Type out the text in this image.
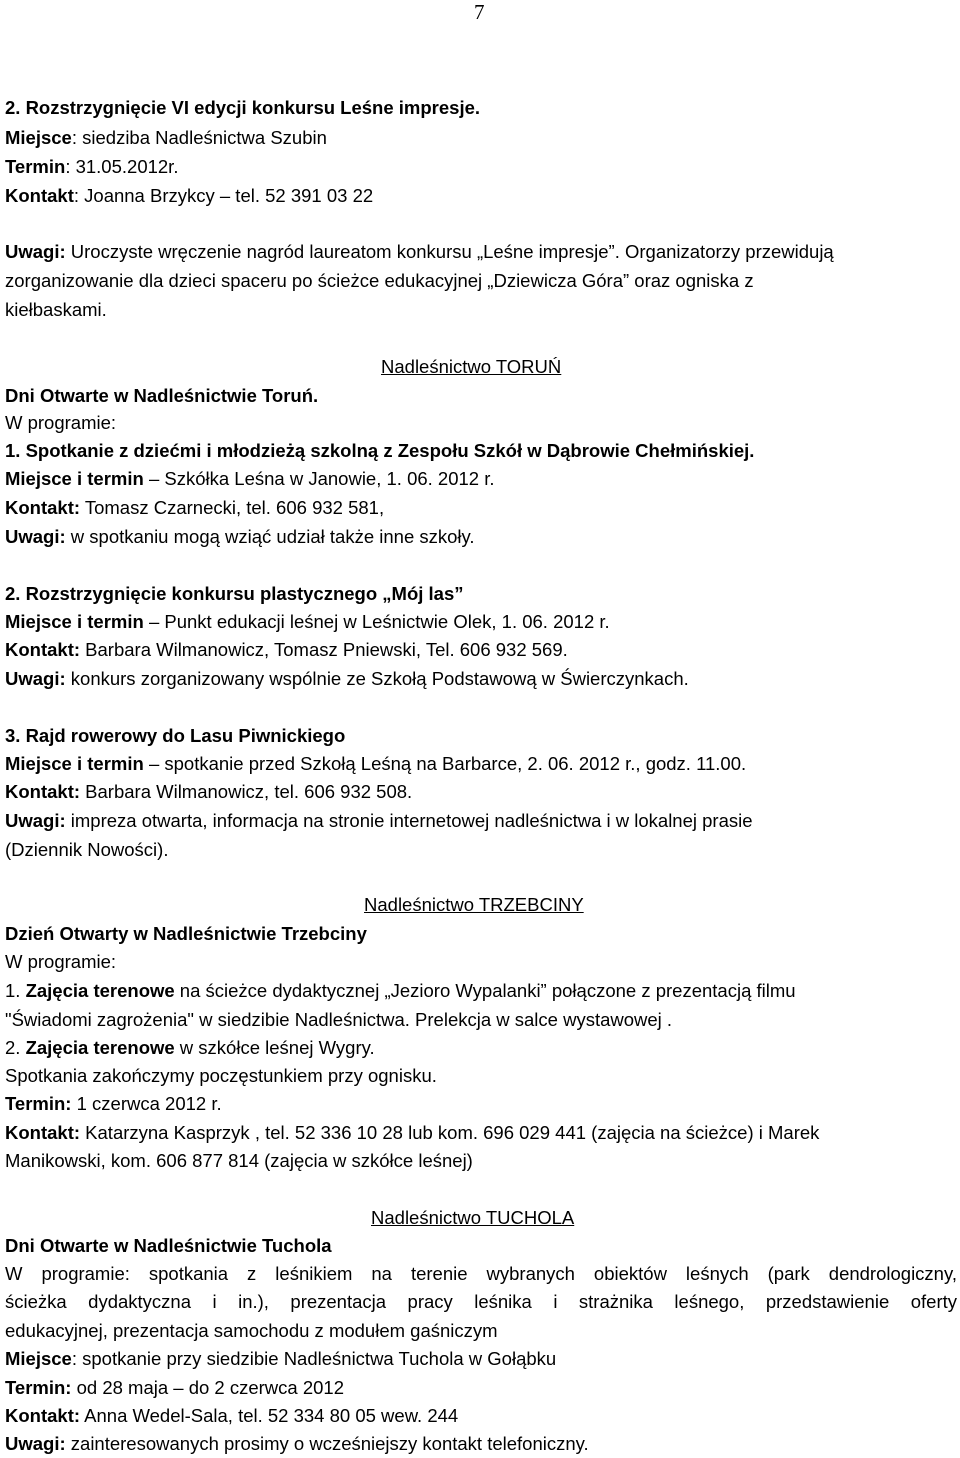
7
2. Rozstrzygnięcie VI edycji konkursu Leśne impresje.
Miejsce: siedziba Nadleśnictwa Szubin
Termin: 31.05.2012r.
Kontakt: Joanna Brzykcy – tel. 52 391 03 22
Uwagi: Uroczyste wręczenie nagród laureatom konkursu „Leśne impresje”. Organizatorzy przewidują
zorganizowanie dla dzieci spaceru po ścieżce edukacyjnej „Dziewicza Góra” oraz ogniska z
kiełbaskami.
Nadleśnictwo TORUŃ
Dni Otwarte w Nadleśnictwie Toruń.
W programie:
1. Spotkanie z dziećmi i młodzieżą szkolną z Zespołu Szkół w Dąbrowie Chełmińskiej.
Miejsce i termin – Szkółka Leśna w Janowie, 1. 06. 2012 r.
Kontakt: Tomasz Czarnecki, tel. 606 932 581,
Uwagi: w spotkaniu mogą wziąć udział także inne szkoły.
2. Rozstrzygnięcie konkursu plastycznego „Mój las”
Miejsce i termin – Punkt edukacji leśnej w Leśnictwie Olek, 1. 06. 2012 r.
Kontakt: Barbara Wilmanowicz, Tomasz Pniewski, Tel. 606 932 569.
Uwagi: konkurs zorganizowany wspólnie ze Szkołą Podstawową w Świerczynkach.
3. Rajd rowerowy do Lasu Piwnickiego
Miejsce i termin – spotkanie przed Szkołą Leśną na Barbarce, 2. 06. 2012 r., godz. 11.00.
Kontakt: Barbara Wilmanowicz, tel. 606 932 508.
Uwagi: impreza otwarta, informacja na stronie internetowej nadleśnictwa i w lokalnej prasie
(Dziennik Nowości).
Nadleśnictwo TRZEBCINY
Dzień Otwarty w Nadleśnictwie Trzebciny
W programie:
1. Zajęcia terenowe na ścieżce dydaktycznej „Jezioro Wypalanki” połączone z prezentacją filmu
"Świadomi zagrożenia" w siedzibie Nadleśnictwa. Prelekcja w salce wystawowej .
2. Zajęcia terenowe w szkółce leśnej Wygry.
Spotkania zakończymy poczęstunkiem przy ognisku.
Termin: 1 czerwca 2012 r.
Kontakt: Katarzyna Kasprzyk , tel. 52 336 10 28 lub kom. 696 029 441 (zajęcia na ścieżce) i Marek
Manikowski, kom. 606 877 814 (zajęcia w szkółce leśnej)
Nadleśnictwo TUCHOLA
Dni Otwarte w Nadleśnictwie Tuchola
W programie: spotkania z leśnikiem na terenie wybranych obiektów leśnych (park dendrologiczny,
ścieżka dydaktyczna i in.), prezentacja pracy leśnika i strażnika leśnego, przedstawienie oferty
edukacyjnej, prezentacja samochodu z modułem gaśniczym
Miejsce: spotkanie przy siedzibie Nadleśnictwa Tuchola w Gołąbku
Termin: od 28 maja – do 2 czerwca 2012
Kontakt: Anna Wedel-Sala, tel. 52 334 80 05 wew. 244
Uwagi: zainteresowanych prosimy o wcześniejszy kontakt telefoniczny.
